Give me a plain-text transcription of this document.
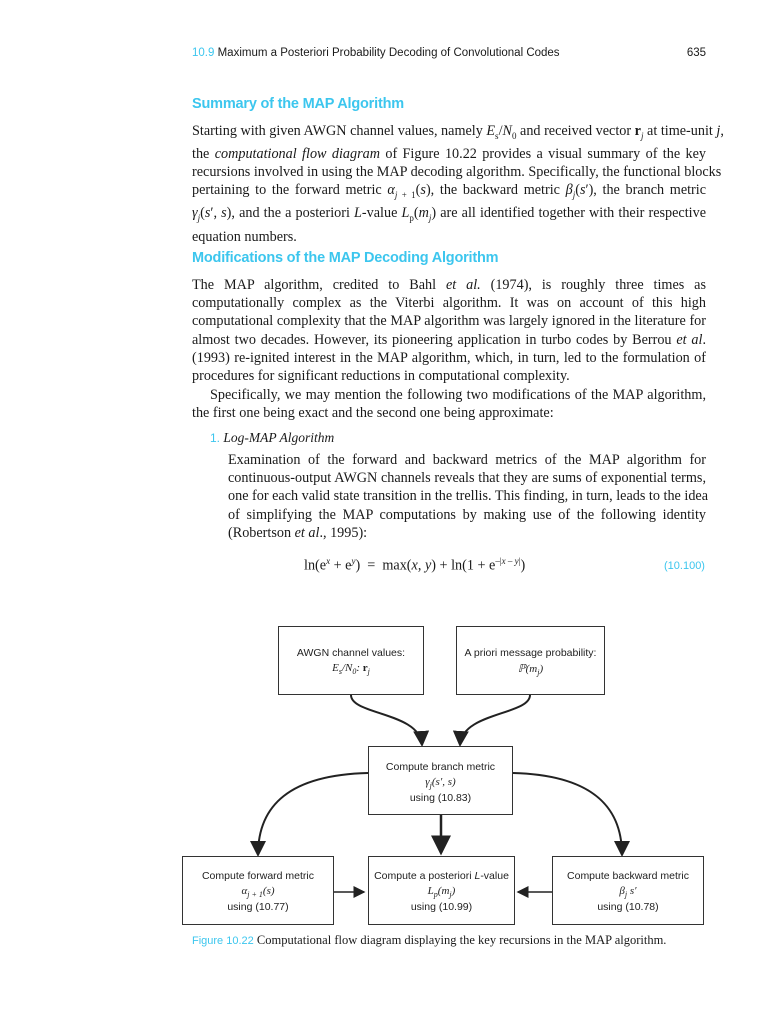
10.9 Maximum a Posteriori Probability Decoding of Convolutional Codes	635
Summary of the MAP Algorithm
Starting with given AWGN channel values, namely $E_s/N_0$ and received vector $r_j$ at time-unit j,
the computational flow diagram of Figure 10.22 provides a visual summary of the key
recursions involved in using the MAP decoding algorithm. Specifically, the functional blocks
pertaining to the forward metric $\alpha_{j + 1}(s)$, the backward metric $\beta_j(s')$, the branch metric
$\gamma_j(s'$, s), and the a posteriori L-value $L_p(m_j)$ are all identified together with their respective
equation numbers.
Modifications of the MAP Decoding Algorithm
The MAP algorithm, credited to Bahl et al. (1974), is roughly three times as
computationally complex as the Viterbi algorithm. It was on account of this high
computational complexity that the MAP algorithm was largely ignored in the literature for
almost two decades. However, its pioneering application in turbo codes by Berrou et al.
(1993) re-ignited interest in the MAP algorithm, which, in turn, led to the formulation of
procedures for significant reductions in computational complexity.
Specifically, we may mention the following two modifications of the MAP algorithm,
the first one being exact and the second one being approximate:
1. Log-MAP Algorithm
Examination of the forward and backward metrics of the MAP algorithm for
continuous-output AWGN channels reveals that they are sums of exponential terms,
one for each valid state transition in the trellis. This finding, in turn, leads to the idea
of simplifying the MAP computations by making use of the following identity
(Robertson et al., 1995):
$\ln(e^x + e^y) = \max(x$, $y) + \ln(1 + e^{-|x - y|})$	(10.100)
AWGN channel values:
$E_s/N_0$: $r_j$
A priori message probability:
$ℙ(m_j)$
Compute branch metric
$\gamma_j(s'$, s)
using (10.83)
Compute forward metric
$\alpha_{j + 1}(s)$
using (10.77)
Compute a posteriori L-value
$L_p(m_j)$
using (10.99)
Compute backward metric
$\beta_j$ s′
using (10.78)
Figure 10.22 Computational flow diagram displaying the key recursions in the MAP algorithm.
